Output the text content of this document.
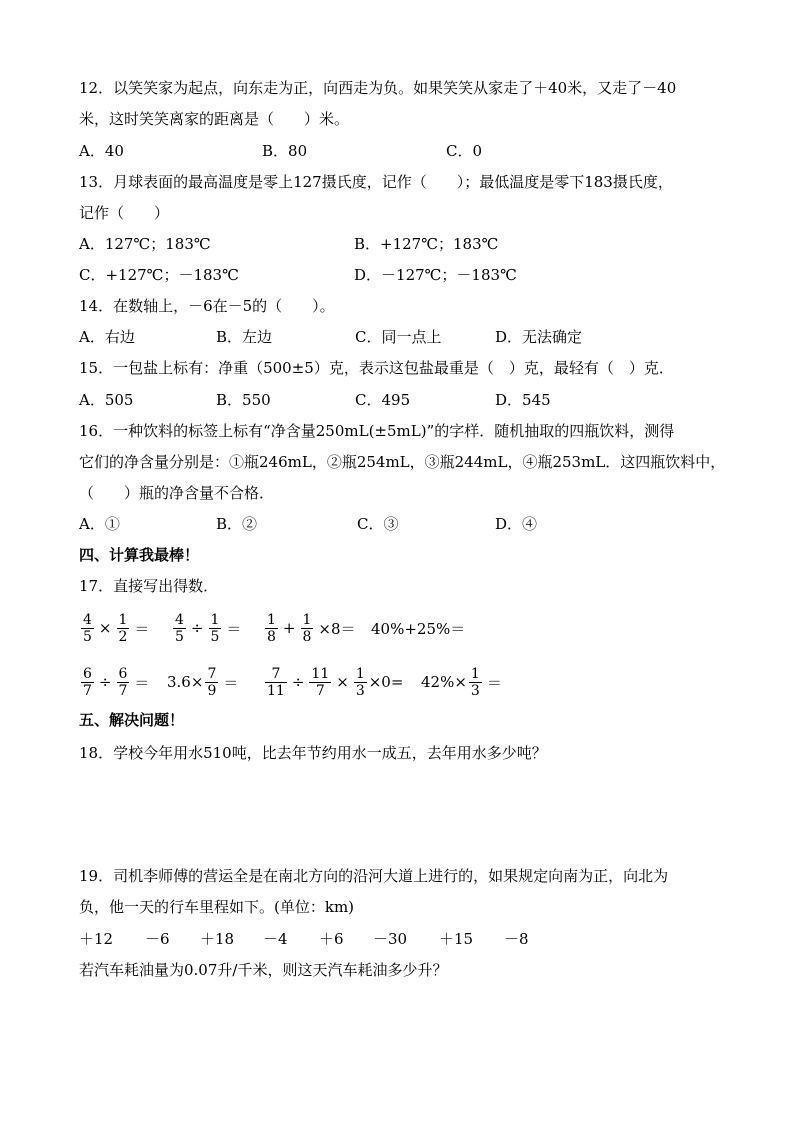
12．以笑笑家为起点，向东走为正，向西走为负。如果笑笑从家走了＋40米，又走了－40
米，这时笑笑离家的距离是（　　）米。
A．40	B．80	C．0
13．月球表面的最高温度是零上127摄氏度，记作（　　）；最低温度是零下183摄氏度，
记作（　　）
A．127℃；183℃	B．+127℃；183℃
C．+127℃；－183℃	D．－127℃；－183℃
14．在数轴上，－6在－5的（　　）。
A．右边	B．左边	C．同一点上	D．无法确定
15．一包盐上标有：净重（500±5）克，表示这包盐最重是（　）克，最轻有（　）克．
A．505	B．550	C．495	D．545
16．一种饮料的标签上标有“净含量250mL(±5mL)”的字样．随机抽取的四瓶饮料，测得
它们的净含量分别是：①瓶246mL，②瓶254mL，③瓶244mL，④瓶253mL．这四瓶饮料中，
（　　）瓶的净含量不合格．
A．①	B．②	C．③	D．④
四、计算我最棒！
17．直接写出得数．
$\frac{4}{5} \times \frac{1}{2} = \frac{4}{5} \div \frac{1}{5} = \frac{1}{8} + \frac{1}{8} \times 8= 40\%+25\%=$
$\frac{6}{7} \div \frac{6}{7} = 3.6\times \frac{7}{9} = \frac{7}{11} \div \frac{11}{7} \times \frac{1}{3} \times 0= 42\%\times \frac{1}{3}$ ＝
五、解决问题！
18．学校今年用水510吨，比去年节约用水一成五，去年用水多少吨？
19．司机李师傅的营运全是在南北方向的沿河大道上进行的，如果规定向南为正，向北为
负，他一天的行车里程如下。(单位：km)
＋12 －6 ＋18 －4 ＋6 －30 ＋15 －8
若汽车耗油量为0.07升/千米，则这天汽车耗油多少升？
